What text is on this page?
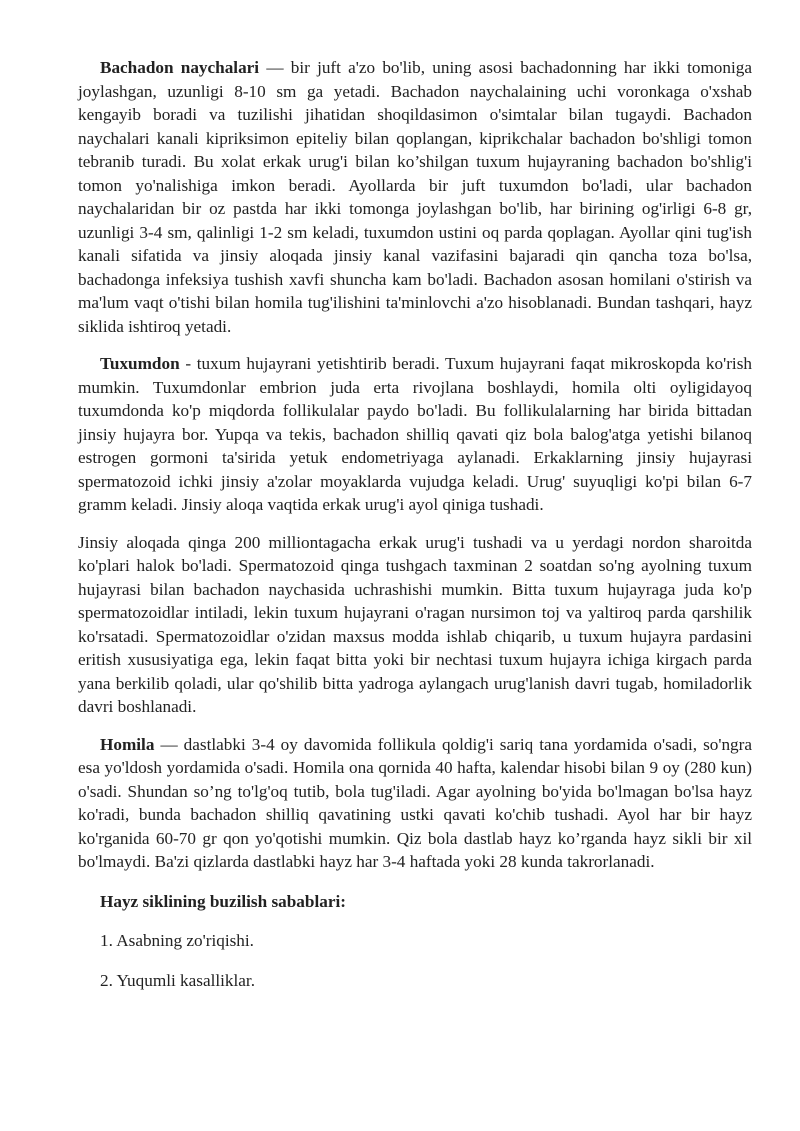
Bachadon naychalari — bir juft a'zo bo'lib, uning asosi bachadonning har ikki tomoniga joylashgan, uzunligi 8-10 sm ga yetadi. Bachadon naychalaining uchi voronkaga o'xshab kengayib boradi va tuzilishi jihatidan shoqildasimon o'simtalar bilan tugaydi. Bachadon naychalari kanali kipriksimon epiteliy bilan qoplangan, kiprikchalar bachadon bo'shligi tomon tebranib turadi. Bu xolat erkak urug'i bilan ko’shilgan tuxum hujayraning bachadon bo'shlig'i tomon yo'nalishiga imkon beradi. Ayollarda bir juft tuxumdon bo'ladi, ular bachadon naychalaridan bir oz pastda har ikki tomonga joylashgan bo'lib, har birining og'irligi 6-8 gr, uzunligi 3-4 sm, qalinligi 1-2 sm keladi, tuxumdon ustini oq parda qoplagan. Ayollar qini tug'ish kanali sifatida va jinsiy aloqada jinsiy kanal vazifasini bajaradi qin qancha toza bo'lsa, bachadonga infeksiya tushish xavfi shuncha kam bo'ladi. Bachadon asosan homilani o'stirish va ma'lum vaqt o'tishi bilan homila tug'ilishini ta'minlovchi a'zo hisoblanadi. Bundan tashqari, hayz siklida ishtiroq yetadi.

Tuxumdon - tuxum hujayrani yetishtirib beradi. Tuxum hujayrani faqat mikroskopda ko'rish mumkin. Tuxumdonlar embrion juda erta rivojlana boshlaydi, homila olti oyligidayoq tuxumdonda ko'p miqdorda follikulalar paydo bo'ladi. Bu follikulalarning har birida bittadan jinsiy hujayra bor. Yupqa va tekis, bachadon shilliq qavati qiz bola balog'atga yetishi bilanoq estrogen gormoni ta'sirida yetuk endometriyaga aylanadi. Erkaklarning jinsiy hujayrasi spermatozoid ichki jinsiy a'zolar moyaklarda vujudga keladi. Urug' suyuqligi ko'pi bilan 6-7 gramm keladi. Jinsiy aloqa vaqtida erkak urug'i ayol qiniga tushadi.

Jinsiy aloqada qinga 200 milliontagacha erkak urug'i tushadi va u yerdagi nordon sharoitda ko'plari halok bo'ladi. Spermatozoid qinga tushgach taxminan 2 soatdan so'ng ayolning tuxum hujayrasi bilan bachadon naychasida uchrashishi mumkin. Bitta tuxum hujayraga juda ko'p spermatozoidlar intiladi, lekin tuxum hujayrani o'ragan nursimon toj va yaltiroq parda qarshilik ko'rsatadi. Spermatozoidlar o'zidan maxsus modda ishlab chiqarib, u tuxum hujayra pardasini eritish xususiyatiga ega, lekin faqat bitta yoki bir nechtasi tuxum hujayra ichiga kirgach parda yana berkilib qoladi, ular qo'shilib bitta yadroga aylangach urug'lanish davri tugab, homiladorlik davri boshlanadi.

Homila — dastlabki 3-4 oy davomida follikula qoldig'i sariq tana yordamida o'sadi, so'ngra esa yo'ldosh yordamida o'sadi. Homila ona qornida 40 hafta, kalendar hisobi bilan 9 oy (280 kun) o'sadi. Shundan so’ng to'lg'oq tutib, bola tug'iladi. Agar ayolning bo'yida bo'lmagan bo'lsa hayz ko'radi, bunda bachadon shilliq qavatining ustki qavati ko'chib tushadi. Ayol har bir hayz ko'rganida 60-70 gr qon yo'qotishi mumkin. Qiz bola dastlab hayz ko’rganda hayz sikli bir xil bo'lmaydi. Ba'zi qizlarda dastlabki hayz har 3-4 haftada yoki 28 kunda takrorlanadi.

Hayz siklining buzilish sabablari:
1. Asabning zo'riqishi.
2. Yuqumli kasalliklar.
